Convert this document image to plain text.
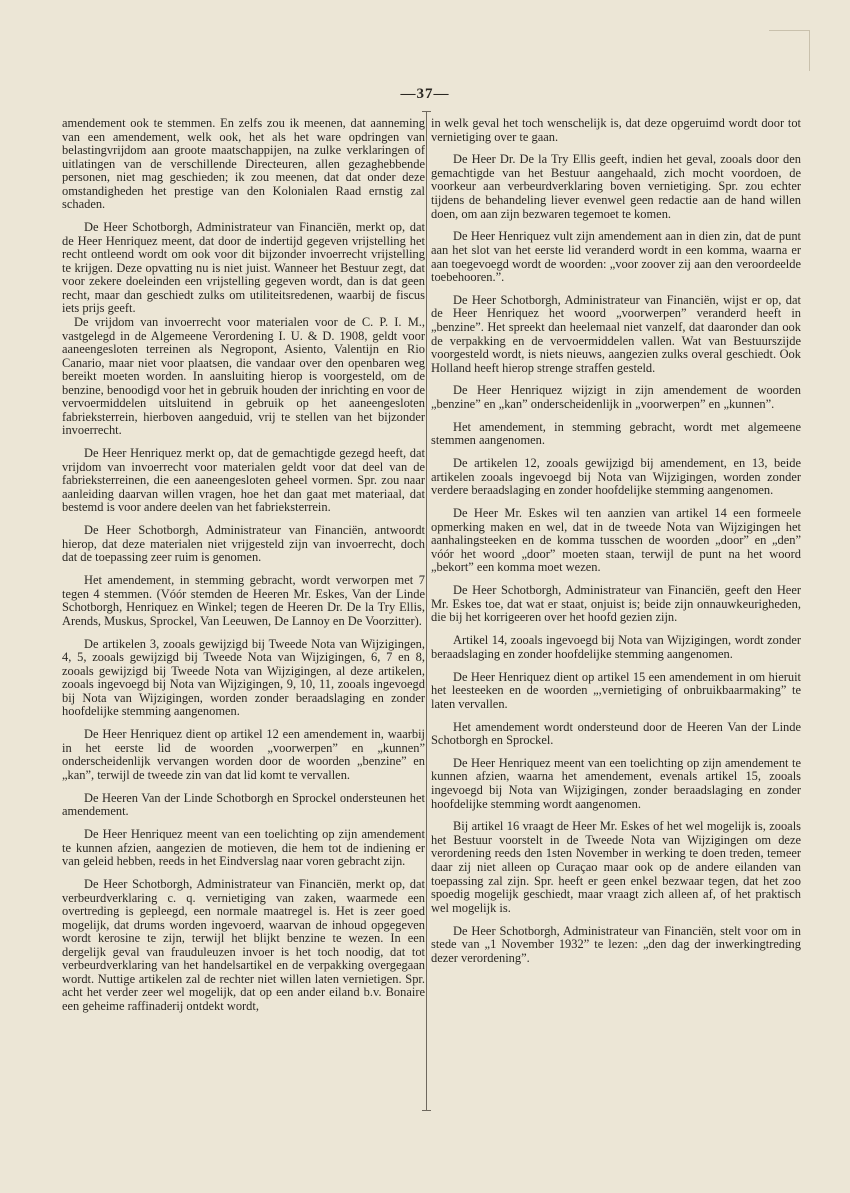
—37—

amendement ook te stemmen. En zelfs zou ik meenen, dat aanneming van een amendement, welk ook, het als het ware opdringen van belastingvrijdom aan groote maatschappijen, na zulke verklaringen of uitlatingen van de verschillende Directeuren, allen gezaghebbende personen, niet mag geschieden; ik zou meenen, dat dat onder deze omstandigheden het prestige van den Kolonialen Raad ernstig zal schaden.

De Heer Schotborgh, Administrateur van Financiën, merkt op, dat de Heer Henriquez meent, dat door de indertijd gegeven vrijstelling het recht ontleend wordt om ook voor dit bijzonder invoerrecht vrijstelling te krijgen. Deze opvatting nu is niet juist. Wanneer het Bestuur zegt, dat voor zekere doeleinden een vrijstelling gegeven wordt, dan is dat geen recht, maar dan geschiedt zulks om utiliteitsredenen, waarbij de fiscus iets prijs geeft.

De vrijdom van invoerrecht voor materialen voor de C. P. I. M., vastgelegd in de Algemeene Verordening I. U. & D. 1908, geldt voor aaneengesloten terreinen als Negropont, Asiento, Valentijn en Rio Canario, maar niet voor plaatsen, die vandaar over den openbaren weg bereikt moeten worden. In aansluiting hierop is voorgesteld, om de benzine, benoodigd voor het in gebruik houden der inrichting en voor de vervoermiddelen uitsluitend in gebruik op het aaneengesloten fabrieksterrein, hierboven aangeduid, vrij te stellen van het bijzonder invoerrecht.

De Heer Henriquez merkt op, dat de gemachtigde gezegd heeft, dat vrijdom van invoerrecht voor materialen geldt voor dat deel van de fabrieksterreinen, die een aaneengesloten geheel vormen. Spr. zou naar aanleiding daarvan willen vragen, hoe het dan gaat met materiaal, dat bestemd is voor andere deelen van het fabrieksterrein.

De Heer Schotborgh, Administrateur van Financiën, antwoordt hierop, dat deze materialen niet vrijgesteld zijn van invoerrecht, doch dat de toepassing zeer ruim is genomen.

Het amendement, in stemming gebracht, wordt verworpen met 7 tegen 4 stemmen. (Vóór stemden de Heeren Mr. Eskes, Van der Linde Schotborgh, Henriquez en Winkel; tegen de Heeren Dr. De la Try Ellis, Arends, Muskus, Sprockel, Van Leeuwen, De Lannoy en De Voorzitter).

De artikelen 3, zooals gewijzigd bij Tweede Nota van Wijzigingen, 4, 5, zooals gewijzigd bij Tweede Nota van Wijzigingen, 6, 7 en 8, zooals gewijzigd bij Tweede Nota van Wijzigingen, al deze artikelen, zooals ingevoegd bij Nota van Wijzigingen, 9, 10, 11, zooals ingevoegd bij Nota van Wijzigingen, worden zonder beraadslaging en zonder hoofdelijke stemming aangenomen.

De Heer Henriquez dient op artikel 12 een amendement in, waarbij in het eerste lid de woorden „voorwerpen” en „kunnen” onderscheidenlijk vervangen worden door de woorden „benzine” en „kan”, terwijl de tweede zin van dat lid komt te vervallen.

De Heeren Van der Linde Schotborgh en Sprockel ondersteunen het amendement.

De Heer Henriquez meent van een toelichting op zijn amendement te kunnen afzien, aangezien de motieven, die hem tot de indiening er van geleid hebben, reeds in het Eindverslag naar voren gebracht zijn.

De Heer Schotborgh, Administrateur van Financiën, merkt op, dat verbeurdverklaring c. q. vernietiging van zaken, waarmede een overtreding is gepleegd, een normale maatregel is. Het is zeer goed mogelijk, dat drums worden ingevoerd, waarvan de inhoud opgegeven wordt kerosine te zijn, terwijl het blijkt benzine te wezen. In een dergelijk geval van frauduleuzen invoer is het toch noodig, dat tot verbeurdverklaring van het handelsartikel en de verpakking overgegaan wordt. Nuttige artikelen zal de rechter niet willen laten vernietigen. Spr. acht het verder zeer wel mogelijk, dat op een ander eiland b.v. Bonaire een geheime raffinaderij ontdekt wordt,

in welk geval het toch wenschelijk is, dat deze opgeruimd wordt door tot vernietiging over te gaan.

De Heer Dr. De la Try Ellis geeft, indien het geval, zooals door den gemachtigde van het Bestuur aangehaald, zich mocht voordoen, de voorkeur aan verbeurdverklaring boven vernietiging. Spr. zou echter tijdens de behandeling liever evenwel geen redactie aan de hand willen doen, om aan zijn bezwaren tegemoet te komen.

De Heer Henriquez vult zijn amendement aan in dien zin, dat de punt aan het slot van het eerste lid veranderd wordt in een komma, waarna er aan toegevoegd wordt de woorden: „voor zoover zij aan den veroordeelde toebehooren.”.

De Heer Schotborgh, Administrateur van Financiën, wijst er op, dat de Heer Henriquez het woord „voorwerpen” veranderd heeft in „benzine”. Het spreekt dan heelemaal niet vanzelf, dat daaronder dan ook de verpakking en de vervoermiddelen vallen. Wat van Bestuurszijde voorgesteld wordt, is niets nieuws, aangezien zulks overal geschiedt. Ook Holland heeft hierop strenge straffen gesteld.

De Heer Henriquez wijzigt in zijn amendement de woorden „benzine” en „kan” onderscheidenlijk in „voorwerpen” en „kunnen”.

Het amendement, in stemming gebracht, wordt met algemeene stemmen aangenomen.

De artikelen 12, zooals gewijzigd bij amendement, en 13, beide artikelen zooals ingevoegd bij Nota van Wijzigingen, worden zonder verdere beraadslaging en zonder hoofdelijke stemming aangenomen.

De Heer Mr. Eskes wil ten aanzien van artikel 14 een formeele opmerking maken en wel, dat in de tweede Nota van Wijzigingen het aanhalingsteeken en de komma tusschen de woorden „door” en „den” vóór het woord „door” moeten staan, terwijl de punt na het woord „bekort” een komma moet wezen.

De Heer Schotborgh, Administrateur van Financiën, geeft den Heer Mr. Eskes toe, dat wat er staat, onjuist is; beide zijn onnauwkeurigheden, die bij het korrigeeren over het hoofd gezien zijn.

Artikel 14, zooals ingevoegd bij Nota van Wijzigingen, wordt zonder beraadslaging en zonder hoofdelijke stemming aangenomen.

De Heer Henriquez dient op artikel 15 een amendement in om hieruit het leesteeken en de woorden „,vernietiging of onbruikbaarmaking” te laten vervallen.

Het amendement wordt ondersteund door de Heeren Van der Linde Schotborgh en Sprockel.

De Heer Henriquez meent van een toelichting op zijn amendement te kunnen afzien, waarna het amendement, evenals artikel 15, zooals ingevoegd bij Nota van Wijzigingen, zonder beraadslaging en zonder hoofdelijke stemming wordt aangenomen.

Bij artikel 16 vraagt de Heer Mr. Eskes of het wel mogelijk is, zooals het Bestuur voorstelt in de Tweede Nota van Wijzigingen om deze verordening reeds den 1sten November in werking te doen treden, temeer daar zij niet alleen op Curaçao maar ook op de andere eilanden van toepassing zal zijn. Spr. heeft er geen enkel bezwaar tegen, dat het zoo spoedig mogelijk geschiedt, maar vraagt zich alleen af, of het praktisch wel mogelijk is.

De Heer Schotborgh, Administrateur van Financiën, stelt voor om in stede van „1 November 1932” te lezen: „den dag der inwerkingtreding dezer verordening”.
